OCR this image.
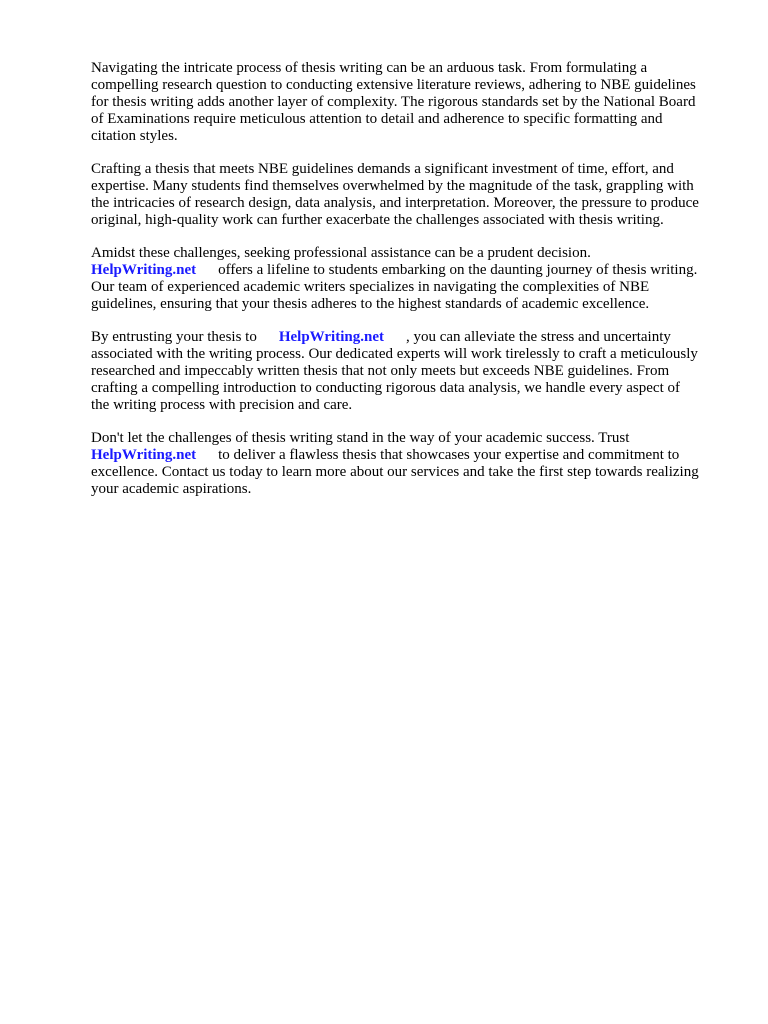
Navigating the intricate process of thesis writing can be an arduous task. From formulating a
compelling research question to conducting extensive literature reviews, adhering to NBE guidelines
for thesis writing adds another layer of complexity. The rigorous standards set by the National Board
of Examinations require meticulous attention to detail and adherence to specific formatting and
citation styles.

Crafting a thesis that meets NBE guidelines demands a significant investment of time, effort, and
expertise. Many students find themselves overwhelmed by the magnitude of the task, grappling with
the intricacies of research design, data analysis, and interpretation. Moreover, the pressure to produce
original, high-quality work can further exacerbate the challenges associated with thesis writing.

Amidst these challenges, seeking professional assistance can be a prudent decision.
HelpWriting.net offers a lifeline to students embarking on the daunting journey of thesis writing.
Our team of experienced academic writers specializes in navigating the complexities of NBE
guidelines, ensuring that your thesis adheres to the highest standards of academic excellence.

By entrusting your thesis to HelpWriting.net , you can alleviate the stress and uncertainty
associated with the writing process. Our dedicated experts will work tirelessly to craft a meticulously
researched and impeccably written thesis that not only meets but exceeds NBE guidelines. From
crafting a compelling introduction to conducting rigorous data analysis, we handle every aspect of
the writing process with precision and care.

Don't let the challenges of thesis writing stand in the way of your academic success. Trust
HelpWriting.net to deliver a flawless thesis that showcases your expertise and commitment to
excellence. Contact us today to learn more about our services and take the first step towards realizing
your academic aspirations.
